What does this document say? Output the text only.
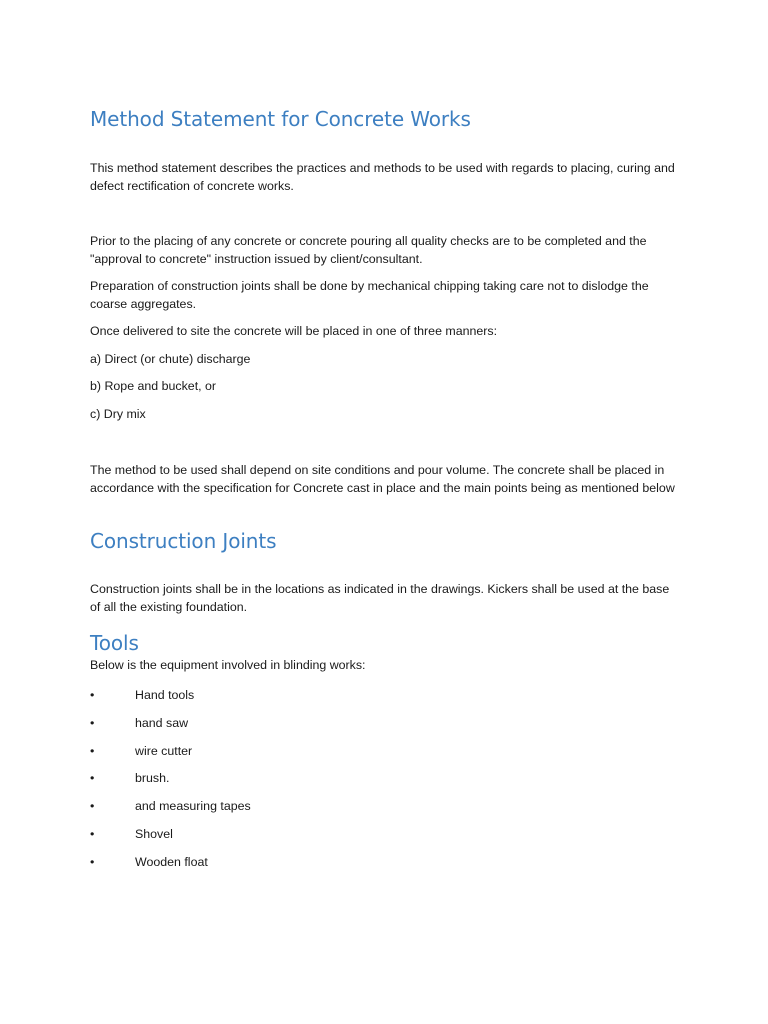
Method Statement for Concrete Works
This method statement describes the practices and methods to be used with regards to placing, curing and defect rectification of concrete works.
Prior to the placing of any concrete or concrete pouring all quality checks are to be completed and the "approval to concrete" instruction issued by client/consultant.
Preparation of construction joints shall be done by mechanical chipping taking care not to dislodge the coarse aggregates.
Once delivered to site the concrete will be placed in one of three manners:
a) Direct (or chute) discharge
b) Rope and bucket, or
c) Dry mix
The method to be used shall depend on site conditions and pour volume. The concrete shall be placed in accordance with the specification for Concrete cast in place and the main points being as mentioned below
Construction Joints
Construction joints shall be in the locations as indicated in the drawings. Kickers shall be used at the base of all the existing foundation.
Tools
Below is the equipment involved in blinding works:
•	Hand tools
•	hand saw
•	wire cutter
•	brush.
•	and measuring tapes
•	Shovel
•	Wooden float
